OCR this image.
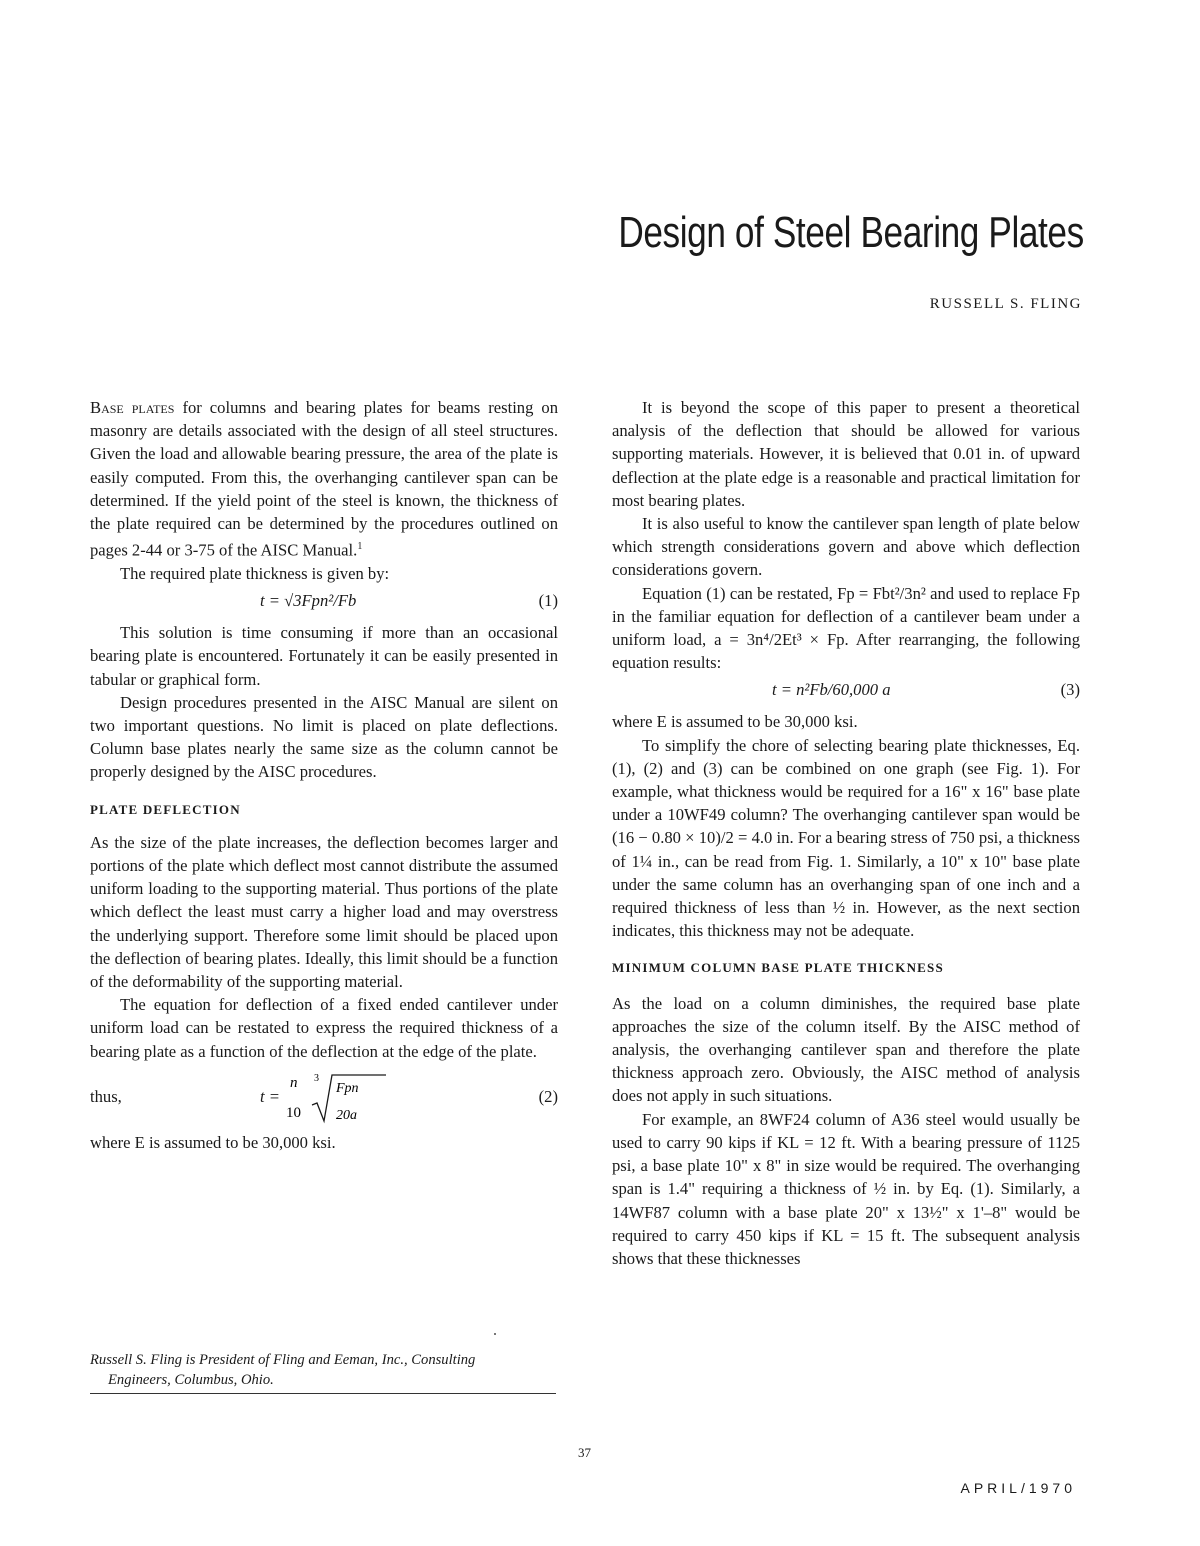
Design of Steel Bearing Plates

RUSSELL S. FLING

Base plates for columns and bearing plates for beams resting on masonry are details associated with the design of all steel structures. Given the load and allowable bearing pressure, the area of the plate is easily computed. From this, the overhanging cantilever span can be determined. If the yield point of the steel is known, the thickness of the plate required can be determined by the procedures outlined on pages 2-44 or 3-75 of the AISC Manual.$^1$

The required plate thickness is given by:

t = √3Fpn²/Fb	(1)

This solution is time consuming if more than an occasional bearing plate is encountered. Fortunately it can be easily presented in tabular or graphical form.

Design procedures presented in the AISC Manual are silent on two important questions. No limit is placed on plate deflections. Column base plates nearly the same size as the column cannot be properly designed by the AISC procedures.

PLATE DEFLECTION

As the size of the plate increases, the deflection becomes larger and portions of the plate which deflect most cannot distribute the assumed uniform loading to the supporting material. Thus portions of the plate which deflect the least must carry a higher load and may overstress the underlying support. Therefore some limit should be placed upon the deflection of bearing plates. Ideally, this limit should be a function of the deformability of the supporting material.

The equation for deflection of a fixed ended cantilever under uniform load can be restated to express the required thickness of a bearing plate as a function of the deflection at the edge of the plate.

thus,	t =
n
10
3
Fpn
20a
(2)

where E is assumed to be 30,000 ksi.

Russell S. Fling is President of Fling and Eeman, Inc., Consulting
Engineers, Columbus, Ohio.

It is beyond the scope of this paper to present a theoretical analysis of the deflection that should be allowed for various supporting materials. However, it is believed that 0.01 in. of upward deflection at the plate edge is a reasonable and practical limitation for most bearing plates.

It is also useful to know the cantilever span length of plate below which strength considerations govern and above which deflection considerations govern.

Equation (1) can be restated, Fp = Fbt²/3n² and used to replace Fp in the familiar equation for deflection of a cantilever beam under a uniform load, a = 3n⁴/2Et³ × Fp. After rearranging, the following equation results:

t = n²Fb/60,000 a	(3)

where E is assumed to be 30,000 ksi.

To simplify the chore of selecting bearing plate thicknesses, Eq. (1), (2) and (3) can be combined on one graph (see Fig. 1). For example, what thickness would be required for a 16" x 16" base plate under a 10WF49 column? The overhanging cantilever span would be (16 − 0.80 × 10)/2 = 4.0 in. For a bearing stress of 750 psi, a thickness of 1¼ in., can be read from Fig. 1. Similarly, a 10" x 10" base plate under the same column has an overhanging span of one inch and a required thickness of less than ½ in. However, as the next section indicates, this thickness may not be adequate.

MINIMUM COLUMN BASE PLATE THICKNESS

As the load on a column diminishes, the required base plate approaches the size of the column itself. By the AISC method of analysis, the overhanging cantilever span and therefore the plate thickness approach zero. Obviously, the AISC method of analysis does not apply in such situations.

For example, an 8WF24 column of A36 steel would usually be used to carry 90 kips if KL = 12 ft. With a bearing pressure of 1125 psi, a base plate 10" x 8" in size would be required. The overhanging span is 1.4" requiring a thickness of ½ in. by Eq. (1). Similarly, a 14WF87 column with a base plate 20" x 13½" x 1'–8" would be required to carry 450 kips if KL = 15 ft. The subsequent analysis shows that these thicknesses

37

APRIL/1970
